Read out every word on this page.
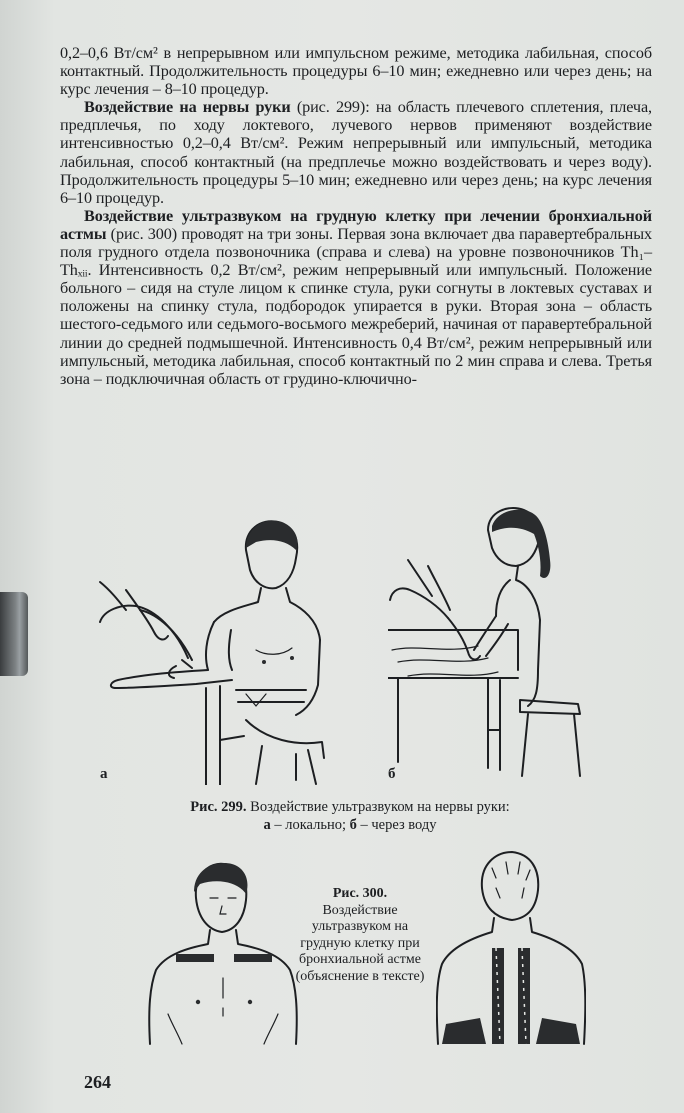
0,2–0,6 Вт/см² в непрерывном или импульсном режиме, методика лабильная, способ контактный. Продолжительность процедуры 6–10 мин; ежедневно или через день; на курс лечения – 8–10 процедур.

Воздействие на нервы руки (рис. 299): на область плечевого сплетения, плеча, предплечья, по ходу локтевого, лучевого нервов применяют воздействие интенсивностью 0,2–0,4 Вт/см². Режим непрерывный или импульсный, методика лабильная, способ контактный (на предплечье можно воздействовать и через воду). Продолжительность процедуры 5–10 мин; ежедневно или через день; на курс лечения 6–10 процедур.

Воздействие ультразвуком на грудную клетку при лечении бронхиальной астмы (рис. 300) проводят на три зоны. Первая зона включает два паравертебральных поля грудного отдела позвоночника (справа и слева) на уровне позвоночников Th₁–Thₓᵢᵢ. Интенсивность 0,2 Вт/см², режим непрерывный или импульсный. Положение больного – сидя на стуле лицом к спинке стула, руки согнуты в локтевых суставах и положены на спинку стула, подбородок упирается в руки. Вторая зона – область шестого-седьмого или седьмого-восьмого межреберий, начиная от паравертебральной линии до средней подмышечной. Интенсивность 0,4 Вт/см², режим непрерывный или импульсный, методика лабильная, способ контактный по 2 мин справа и слева. Третья зона – подключичная область от грудино-ключично-

а	б
Рис. 299. Воздействие ультразвуком на нервы руки:
а – локально; б – через воду
Рис. 300.
Воздействие ультразвуком на грудную клетку при бронхиальной астме (объяснение в тексте)
264
